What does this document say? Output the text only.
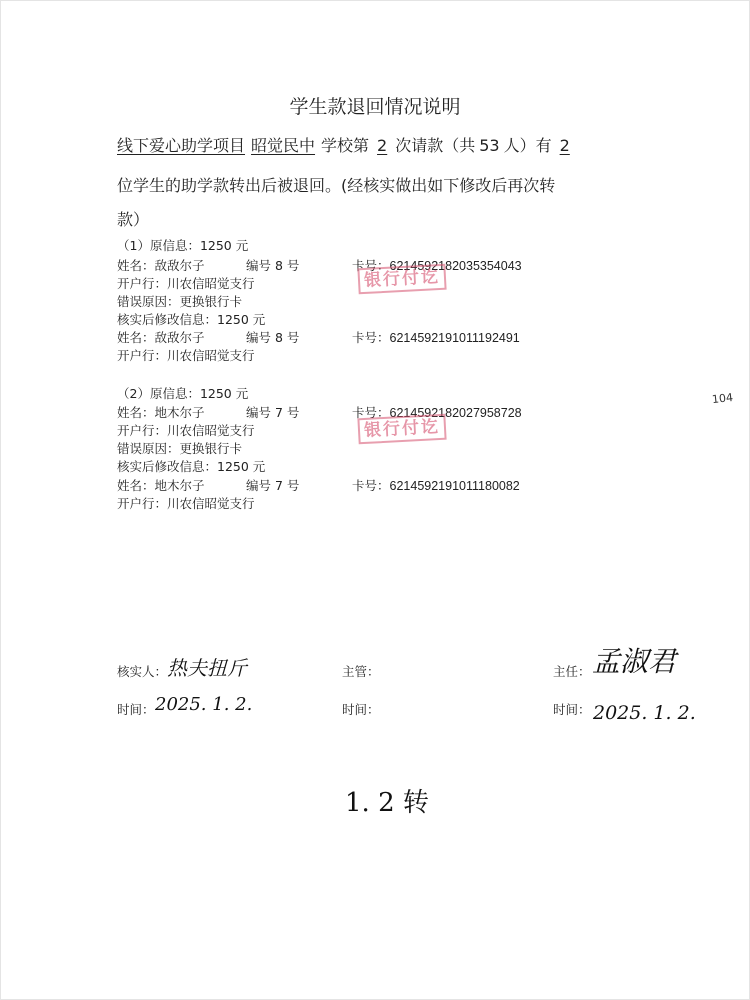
学生款退回情况说明
线下爱心助学项目 昭觉民中 学校第 2 次请款（共 53 人）有 2
位学生的助学款转出后被退回。(经核实做出如下修改后再次转
款）
（1）原信息：1250 元
姓名：敌敌尔子	编号 8 号	卡号：6214592182035354043
开户行：川农信昭觉支行
错误原因：更换银行卡
核实后修改信息：1250 元
姓名：敌敌尔子	编号 8 号	卡号：6214592191011192491
开户行：川农信昭觉支行
银行付讫
（2）原信息：1250 元
姓名：地木尔子	编号 7 号	卡号：6214592182027958728
开户行：川农信昭觉支行
错误原因：更换银行卡
核实后修改信息：1250 元
姓名：地木尔子	编号 7 号	卡号：6214592191011180082
开户行：川农信昭觉支行
银行付讫
104
核实人： 热夫扭斤	主管：	主任： 孟淑君
时间： 2025. 1. 2.	时间：	时间： 2025. 1. 2.
1. 2 转
